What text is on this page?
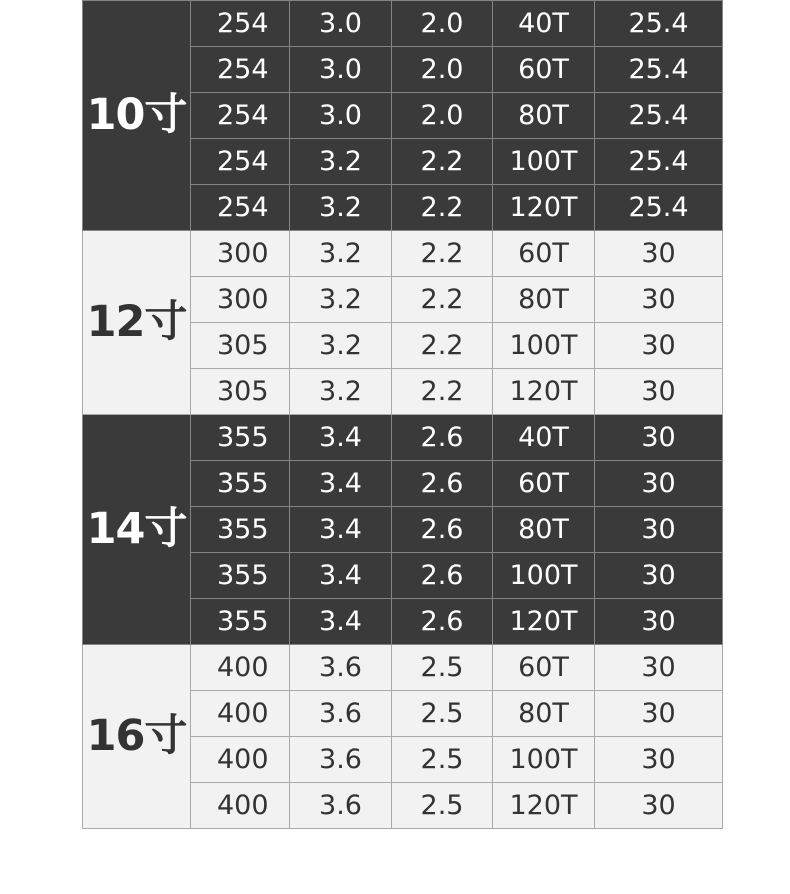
10寸	254	3.0	2.0	40T	25.4
	254	3.0	2.0	60T	25.4
	254	3.0	2.0	80T	25.4
	254	3.2	2.2	100T	25.4
	254	3.2	2.2	120T	25.4
12寸	300	3.2	2.2	60T	30
	300	3.2	2.2	80T	30
	305	3.2	2.2	100T	30
	305	3.2	2.2	120T	30
14寸	355	3.4	2.6	40T	30
	355	3.4	2.6	60T	30
	355	3.4	2.6	80T	30
	355	3.4	2.6	100T	30
	355	3.4	2.6	120T	30
16寸	400	3.6	2.5	60T	30
	400	3.6	2.5	80T	30
	400	3.6	2.5	100T	30
	400	3.6	2.5	120T	30
